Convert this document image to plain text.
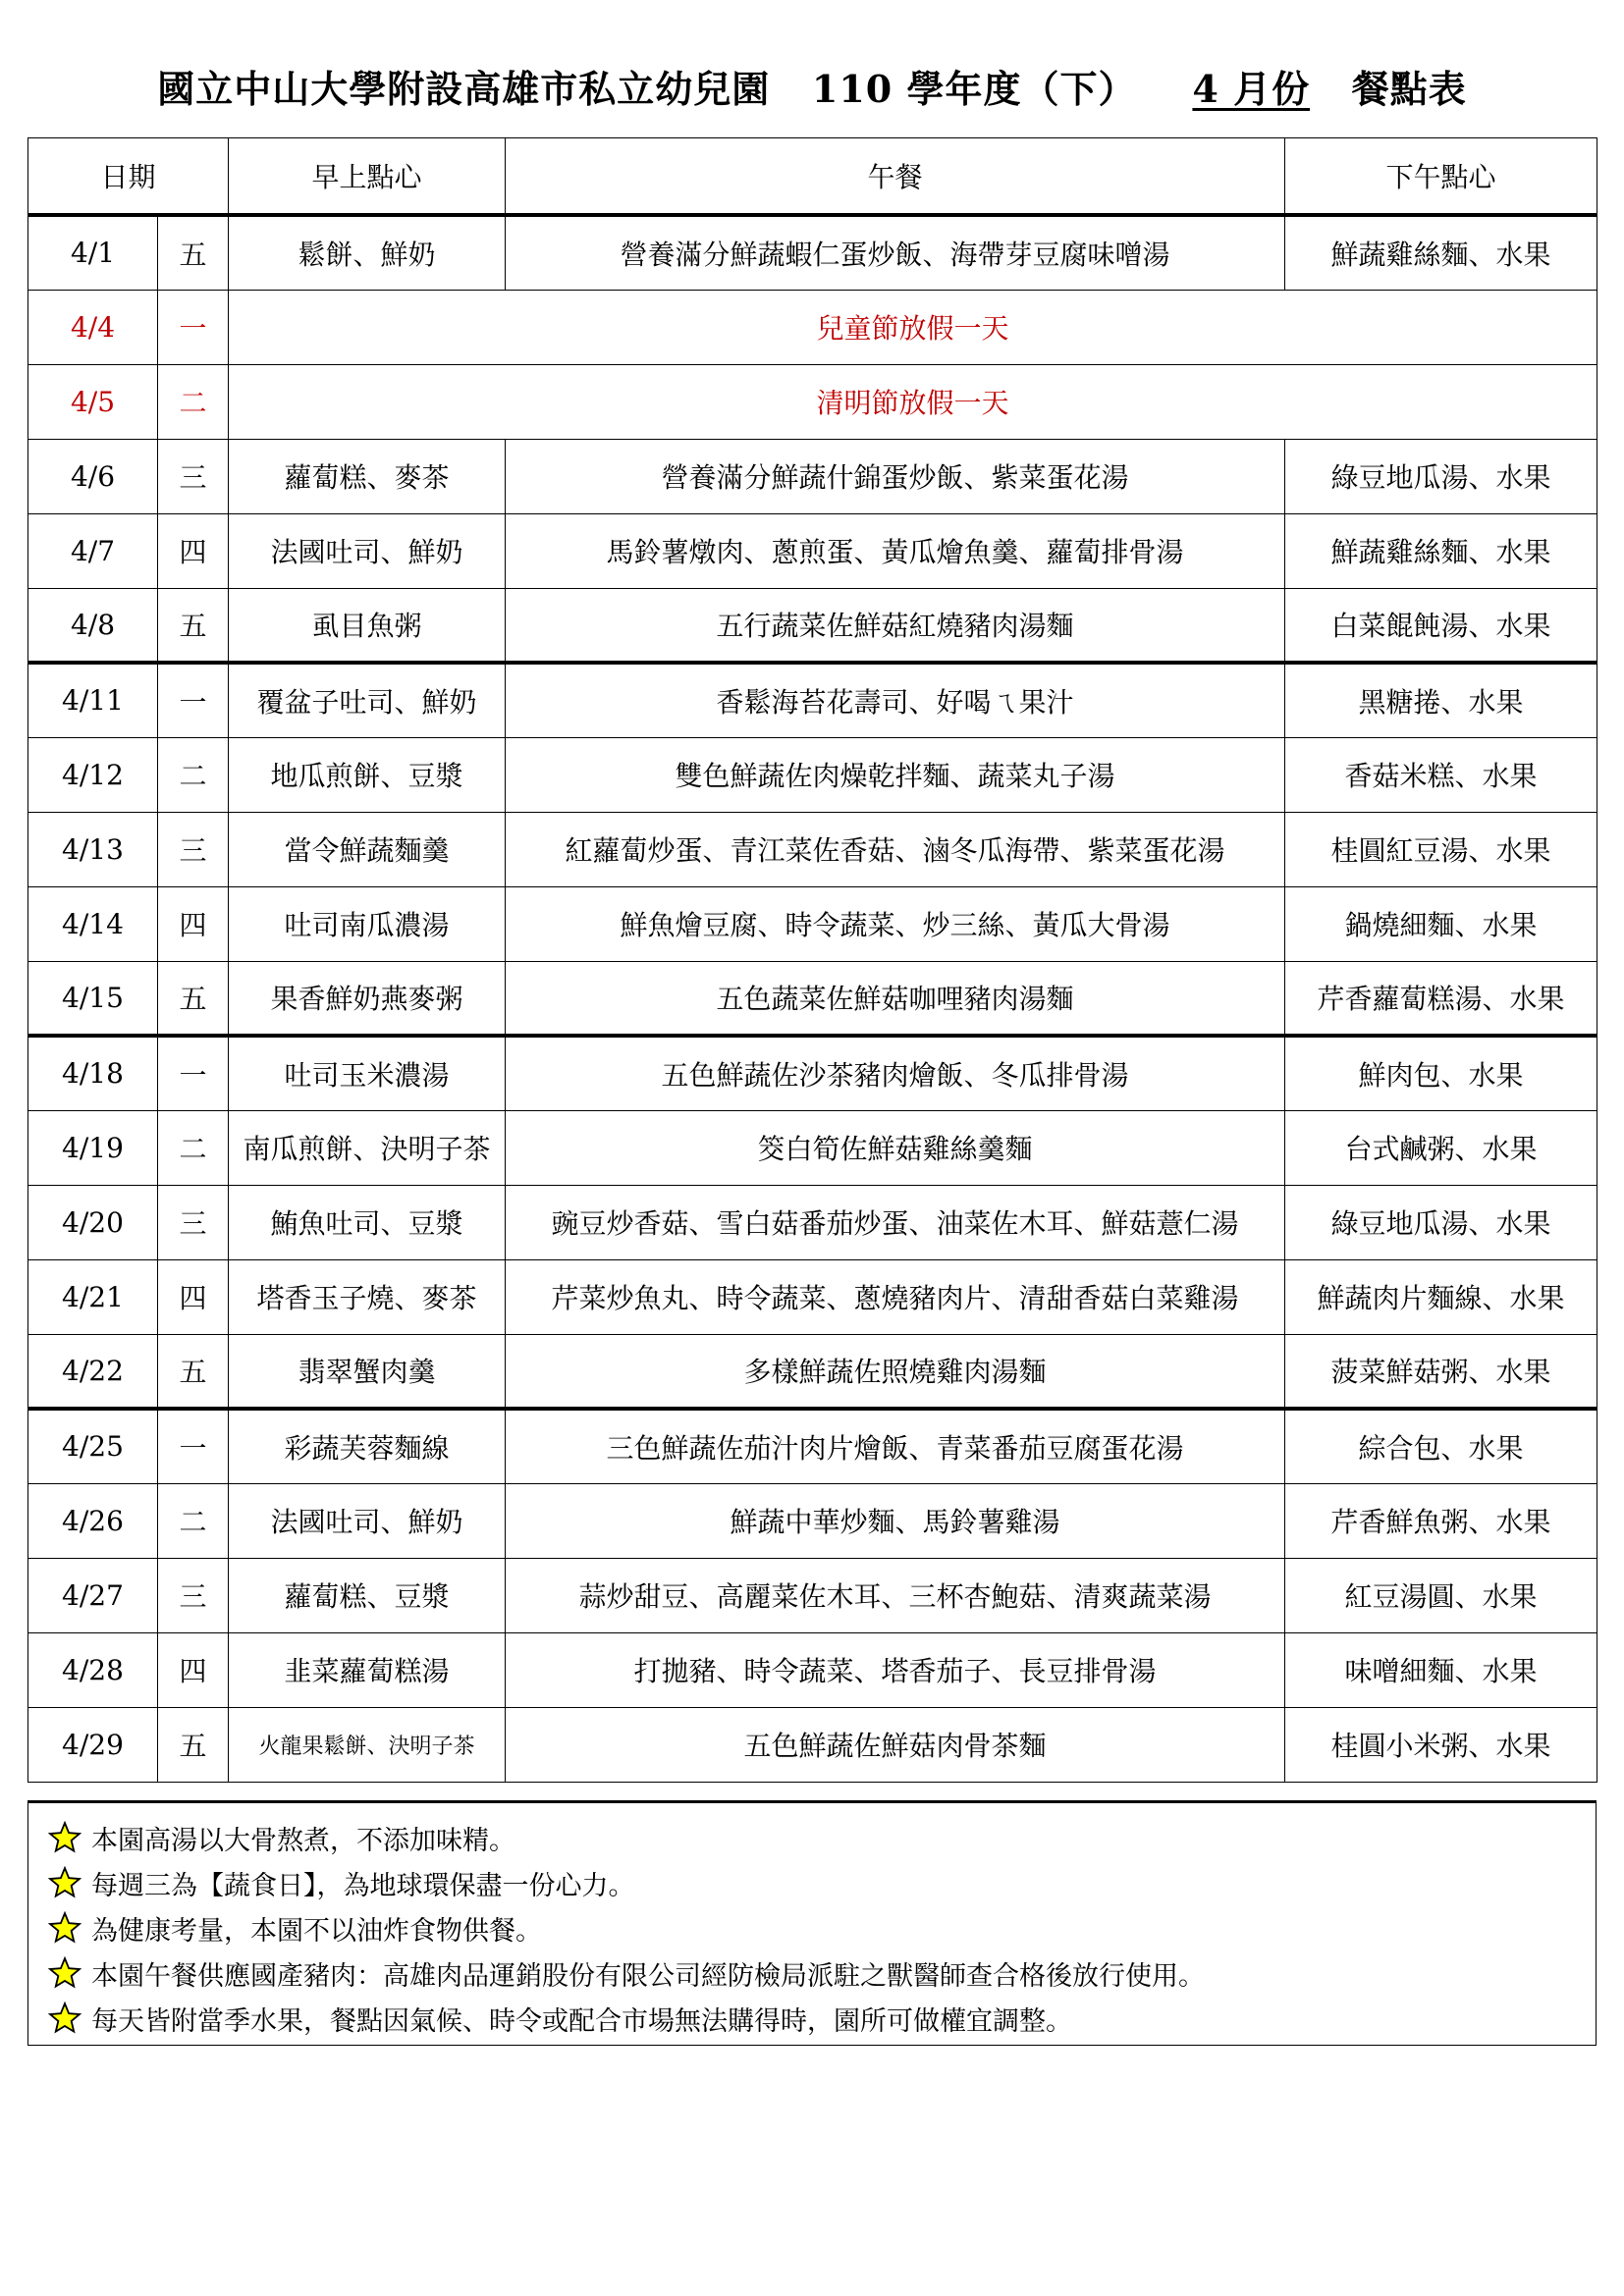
國立中山大學附設高雄市私立幼兒園 110 學年度（下） 4 月份 餐點表
日期		早上點心	午餐	下午點心
4/1	五	鬆餅、鮮奶	營養滿分鮮蔬蝦仁蛋炒飯、海帶芽豆腐味噌湯	鮮蔬雞絲麵、水果
4/4	一	兒童節放假一天		
4/5	二	清明節放假一天		
4/6	三	蘿蔔糕、麥茶	營養滿分鮮蔬什錦蛋炒飯、紫菜蛋花湯	綠豆地瓜湯、水果
4/7	四	法國吐司、鮮奶	馬鈴薯燉肉、蔥煎蛋、黃瓜燴魚羹、蘿蔔排骨湯	鮮蔬雞絲麵、水果
4/8	五	虱目魚粥	五行蔬菜佐鮮菇紅燒豬肉湯麵	白菜餛飩湯、水果
4/11	一	覆盆子吐司、鮮奶	香鬆海苔花壽司、好喝ㄟ果汁	黑糖捲、水果
4/12	二	地瓜煎餅、豆漿	雙色鮮蔬佐肉燥乾拌麵、蔬菜丸子湯	香菇米糕、水果
4/13	三	當令鮮蔬麵羹	紅蘿蔔炒蛋、青江菜佐香菇、滷冬瓜海帶、紫菜蛋花湯	桂圓紅豆湯、水果
4/14	四	吐司南瓜濃湯	鮮魚燴豆腐、時令蔬菜、炒三絲、黃瓜大骨湯	鍋燒細麵、水果
4/15	五	果香鮮奶燕麥粥	五色蔬菜佐鮮菇咖哩豬肉湯麵	芹香蘿蔔糕湯、水果
4/18	一	吐司玉米濃湯	五色鮮蔬佐沙茶豬肉燴飯、冬瓜排骨湯	鮮肉包、水果
4/19	二	南瓜煎餅、決明子茶	筊白筍佐鮮菇雞絲羹麵	台式鹹粥、水果
4/20	三	鮪魚吐司、豆漿	豌豆炒香菇、雪白菇番茄炒蛋、油菜佐木耳、鮮菇薏仁湯	綠豆地瓜湯、水果
4/21	四	塔香玉子燒、麥茶	芹菜炒魚丸、時令蔬菜、蔥燒豬肉片、清甜香菇白菜雞湯	鮮蔬肉片麵線、水果
4/22	五	翡翠蟹肉羹	多樣鮮蔬佐照燒雞肉湯麵	菠菜鮮菇粥、水果
4/25	一	彩蔬芙蓉麵線	三色鮮蔬佐茄汁肉片燴飯、青菜番茄豆腐蛋花湯	綜合包、水果
4/26	二	法國吐司、鮮奶	鮮蔬中華炒麵、馬鈴薯雞湯	芹香鮮魚粥、水果
4/27	三	蘿蔔糕、豆漿	蒜炒甜豆、高麗菜佐木耳、三杯杏鮑菇、清爽蔬菜湯	紅豆湯圓、水果
4/28	四	韭菜蘿蔔糕湯	打拋豬、時令蔬菜、塔香茄子、長豆排骨湯	味噌細麵、水果
4/29	五	火龍果鬆餅、決明子茶	五色鮮蔬佐鮮菇肉骨茶麵	桂圓小米粥、水果
本園高湯以大骨熬煮，不添加味精。
每週三為【蔬食日】，為地球環保盡一份心力。
為健康考量，本園不以油炸食物供餐。
本園午餐供應國產豬肉：高雄肉品運銷股份有限公司經防檢局派駐之獸醫師查合格後放行使用。
每天皆附當季水果，餐點因氣候、時令或配合市場無法購得時，園所可做權宜調整。
